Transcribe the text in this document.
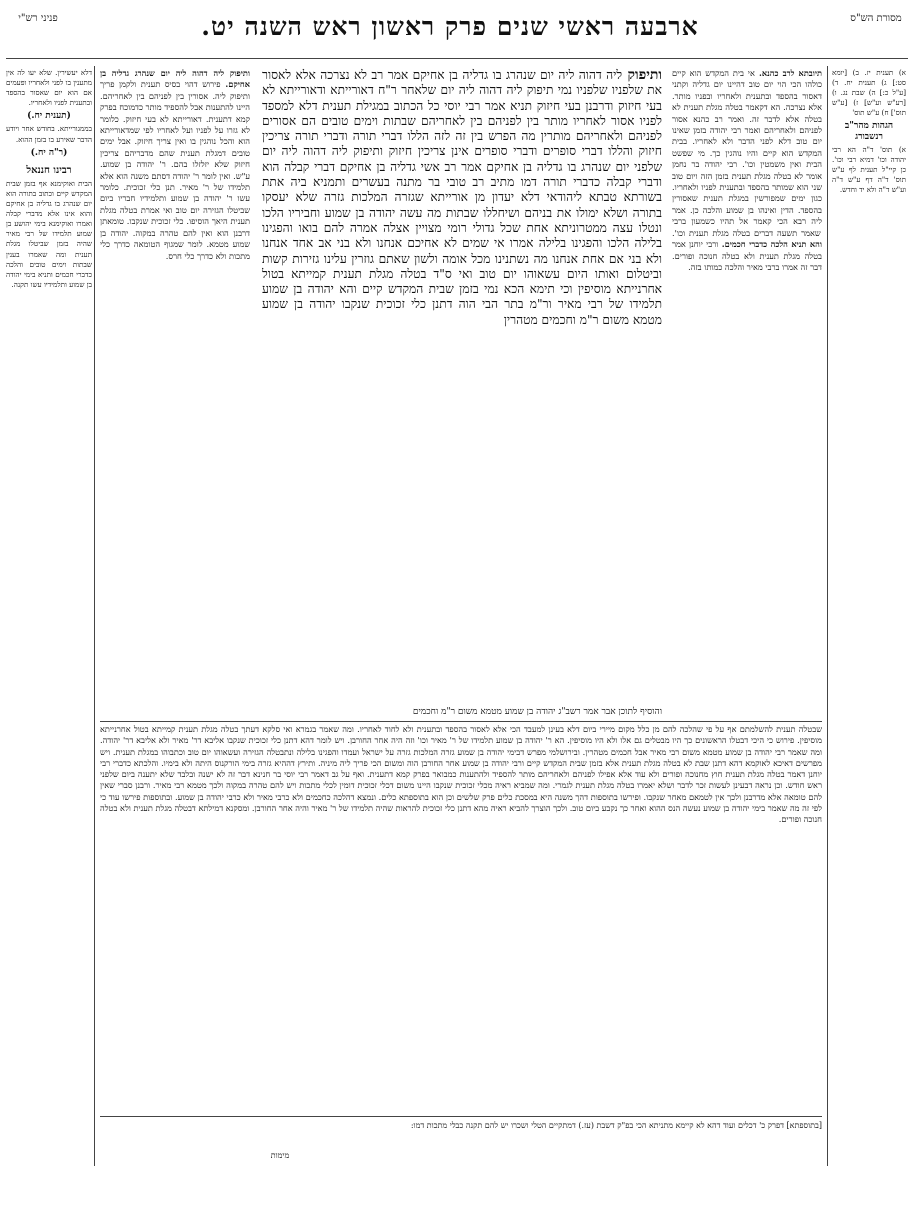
מסורת הש"ס
ארבעה ראשי שנים פרק ראשון ראש השנה יט.
פניני רש"י
א) תענית יז. ב) [יומא סט:] ג) תענית יח. ד) [ע"ל כ:] ה) שבת נג. ו) [רע"ש וע"ש] ז) [ע"ש תוס'] ח) ע"ש תוס'
הגהות מהר"ב רנשבורג
א) תוס' ד"ה הא רבי יהודה וכו' דמיא רבי וכו'. כן קיי"ל תענית לף ע"ש תוס' ד"ה דף ע"ש ד"ה וע"ש ד"ה ולא יד וחדש.
דלא יעשירין. שלא יעו לה אין מתענין בו לפני ולאחריו ופעמים אם הוא יום שאסור בהספד ובתענית לפניו ולאחריו.
(תענית יח.)
בממגורייתא. בחודש אחר ויודע הדבר שאירע בו בזמן ההוא.
(ר"ה יח.)
רבינו חננאל
הבית ואוקימנא אף בזמן שבית המקדש קיים וכתוב בתורה הוא יום שנהרג בו גדליה בן אחיקם והוא אינו אלא מדברי קבלה ואמרו ואוקימנא בימי יהושע בן שמוע תלמידו של רבי מאיר שהיה בזמן שביטלו מגלת תענית ומה שאמרו בענין שבתות וימים טובים והלכה כדברי חכמים ותניא בימי יהודה בן שמוע ותלמידיו עשו תקנה.
תיובתא לרב כהנא. אי בית המקדש הוא קיים כולהו הכי הוי יום טוב דהיינו יום גדליה וקתני דאסור בהספד ובתענית ולאחריו ובפניו מותר. אלא נצרכה. הא דקאמר בטלה מגלת תענית לא בטלה אלא לדבר זה. ואמר רב כהנא אסור לפניהם ולאחריהם ואמר רבי יהודה בזמן שאינו יום טוב דלא לפני הדבר ולא לאחריו. בבית המקדש הוא קיים והיו נוהגין כך. מי שפשט הבית ואין משמטין וכו'. רבי יהודה בר נחמן אומר לא בטלה מגלת תענית בזמן הזה ויום טוב שני הוא שמותר בהספד ובתענית לפניו ולאחריו. כגון ימים שמפורשין במגלת תענית שאסורין בהספד. הדין ואינהו בן שמוע והלכה כן. אמר ליה רבא הכי קאמר אל תהיו כשמעון ברבי שאמר תשעה דברים בטלה מגלת תענית וכו'. והא תניא הלכה כדברי חכמים. ורבי יוחנן אמר בטלה מגלת תענית ולא בטלה חנוכה ופורים. דבר זה אמרו ברבי מאיר והלכה כמותו בזה.
ותיפוק ליה דהוה ליה יום שנהרג בו גדליה בן אחיקם אמר רב לא נצרכה אלא לאסור את שלפניו שלפניו נמי תיפוק ליה דהוה ליה יום שלאחר ר"ח דאורייתא ודאורייתא לא בעי חיזוק ודרבנן בעי חיזוק תניא אמר רבי יוסי כל הכתוב במגילת תענית דלא למספד לפניו אסור לאחריו מותר בין לפניהם בין לאחריהם שבתות וימים טובים הם אסורים לפניהם ולאחריהם מותרין מה הפרש בין זה לזה הללו דברי תורה ודברי תורה צריכין חיזוק והללו דברי סופרים ודברי סופרים אינן צריכין חיזוק ותיפוק ליה דהוה ליה יום שלפני יום שנהרג בו גדליה בן אחיקם אמר רב אשי גדליה בן אחיקם דברי קבלה הוא ודברי קבלה כדברי תורה דמו מתיב רב טובי בר מתנה בעשרים ותמניא ביה אתת בשורתא טבתא ליהודאי דלא יעדון מן אורייתא שגזרה המלכות גזרה שלא יעסקו בתורה ושלא ימולו את בניהם ושיחללו שבתות מה עשה יהודה בן שמוע וחביריו הלכו ונטלו עצה ממטרוניתא אחת שכל גדולי רומי מצויין אצלה אמרה להם בואו והפגינו בלילה הלכו והפגינו בלילה אמרו אי שמים לא אחיכם אנחנו ולא בני אב אחד אנחנו ולא בני אם אחת אנחנו מה נשתנינו מכל אומה ולשון שאתם גוזרין עלינו גזירות קשות וביטלום ואותו היום עשאוהו יום טוב ואי ס"ד בטלה מגלת תענית קמייתא בטול אחרנייתא מוסיפין וכי תימא הכא נמי בזמן שבית המקדש קיים והא יהודה בן שמוע תלמידו של רבי מאיר ור"מ בתר הבי הוה דתנן כלי זכוכית שנקבו יהודה בן שמוע מטמא משום ר"מ וחכמים מטהרין
והוסיף לתוכן אבר אמר רשב"ג יהודה בן שמוע מטמא משום ר"מ וחכמים
ותיפוק ליה דהוה ליה יום שנהרג גדליה בן אחיקם. פירוש דהוי בסיס תענית ולקמן פריך ותיפוק ליה. אסורין בין לפניהם בין לאחריהם. היינו להתענות אבל להספיד מותר כדמוכח בפרק קמא דתענית. דאורייתא לא בעי חיזוק. כלומר לא גזרו על לפניו ועל לאחריו לפי שמדאורייתא הוא והכל נוהגין בו ואין צריך חיזוק. אבל ימים טובים דמגלת תענית שהם מדבריהם צריכין חיזוק שלא יזלזלו בהם. ר' יהודה בן שמוע. ע"ש. ואין לומר ר' יהודה דסתם משנה הוא אלא תלמידו של ר' מאיר. תנן כלי זכוכית. כלומר עשו ר' יהודה בן שמוע ותלמידיו חבריו ביום שביטלו הגזירה יום טוב ואי אמרת בטלה מגלת תענית היאך הוסיפו. כלי זכוכית שנקבו. טומאתן דרבנן הוא ואין להם טהרה במקוה. יהודה בן שמוע מטמא. לומר שמגוף הטומאה כדרך כלי מתכות ולא כדרך כלי חרס.
שבטלה תענית להשלמתם אף על פי שהלכה להם מן כלל מקום מיירי ביום דלא בעינן למעבד הכי אלא לאסור בהספד ובתענית ולא לחוד לאחריו. ומה שאמר בגמרא ואי סלקא דעתך בטלה מגלת תענית קמייתא בטול אחרנייתא מוסיפין. פירוש כי היכי דבטלו הראשונים כך היו מבטלים גם אלו ולא היו מוסיפין. הא ר' יהודה בן שמוע תלמידו של ר' מאיר וכו' וזה היה אחר החורבן. ויש לומר דהא דתנן כלי זכוכית שנקבו אליבא דר' מאיר ולא אליבא דר' יהודה. ומה שאמר רבי יהודה בן שמוע מטמא משום רבי מאיר אבל חכמים מטהרין. ובירושלמי מפרש דבימי יהודה בן שמוע גזרה המלכות גזרה על ישראל ועמדו והפגינו בלילה ונתבטלה הגזירה ועשאוהו יום טוב וכתבוהו במגלת תענית. ויש מפרשים דאיכא לאוקמא דהא דתנן שבת לא בטלה מגלת תענית אלא בזמן שבית המקדש קיים ורבי יהודה בן שמוע אחר החורבן הוה ומשום הכי פריך ליה מיניה. ותירץ דההיא גזרה בימי הורקנוס היתה ולא בימיו. והלכתא כדברי רבי יוחנן דאמר בטלה מגלת תענית חוץ מחנוכה ופורים ולא עוד אלא אפילו לפניהם ולאחריהם מותר להספיד ולהתענות כמבואר בפרק קמא דתענית. ואף על גב דאמר רבי יוסי בר חנינא דבר זה לא ישנה ובלבד שלא יתענה ביום שלפני ראש חודש. וכן נראה דבעינן לעשות זכר לדבר ושלא יאמרו בטלה מגלת תענית לגמרי. ומה שמביא ראיה מכלי זכוכית שנקבו היינו משום דכלי זכוכית דומין לכלי מתכות ויש להם טהרה במקוה ולכך מטמא רבי מאיר. ורבנן סברי שאין להם טומאה אלא מדרבנן ולכך אין לטמאם מאחר שנקבו. ופירשו בתוספות דהך משנה היא במסכת כלים פרק שלשים וכן הוא בתוספתא כלים. ונמצא דהלכה כחכמים ולא כרבי מאיר ולא כרבי יהודה בן שמוע. ובתוספות פירשו עוד כי לפי זה מה שאמר בימי יהודה בן שמוע נעשה הנס ההוא ואחר כך נקבע ביום טוב. ולכך הוצרך להביא ראיה מהא דתנן כלי זכוכית להראות שהיה תלמידו של ר' מאיר והיה אחר החורבן. ומסקנא דמילתא דבטלה מגלת תענית ולא בטלה חנוכה ופורים.
[בתוספתא] דפרק כ' דכלים ועוד דהא לא קיימא מתניתא הכי בפ"ק דשבת (עז.) דמתקיים הטלי ושכרו יש להם תקנה כבלי מתכות דמו:
מימות
